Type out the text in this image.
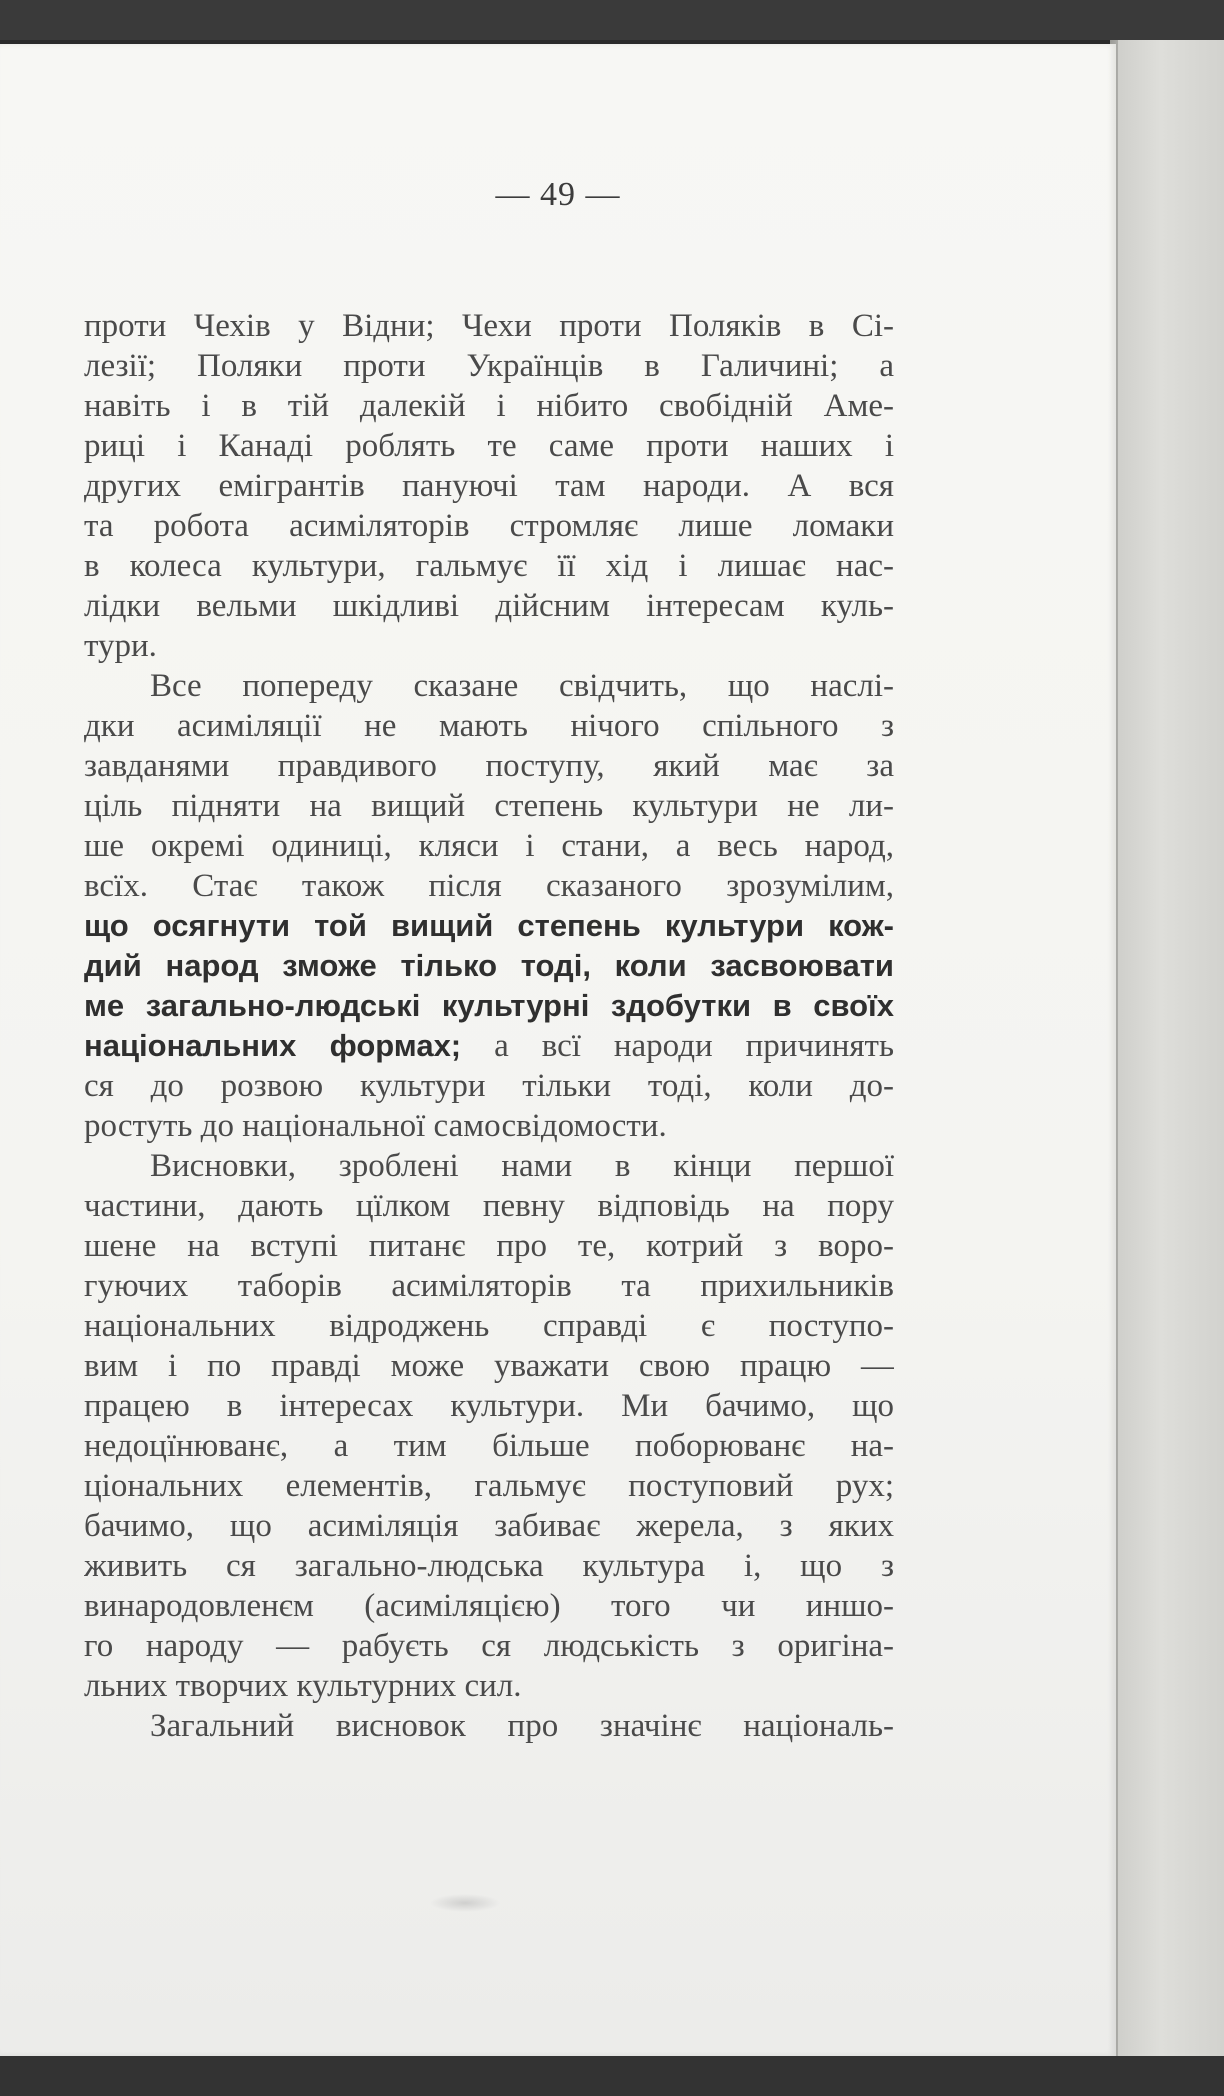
— 49 —
проти Чехів у Відни; Чехи проти Поляків в Сі-
лезії; Поляки проти Українців в Галичині; а
навіть і в тій далекій і нібито свобідній Аме-
риці і Канаді роблять те саме проти наших і
других емігрантів пануючі там народи. А вся
та робота асиміляторів стромляє лише ломаки
в колеса культури, гальмує її хід і лишає нас-
лідки вельми шкідливі дійсним інтересам куль-
тури.
Все попереду сказане свідчить, що наслі-
дки асиміляції не мають нічого спільного з
завданями правдивого поступу, який має за
ціль підняти на вищий степень культури не ли-
ше окремі одиниці, кляси і стани, а весь народ,
всїх. Стає також після сказаного зрозумілим,
що осягнути той вищий степень культури кож-
дий народ зможе тілько тоді, коли засвоювати
ме загально-людські культурні здобутки в своїх
національних формах; а всї народи причинять
ся до розвою культури тільки тоді, коли до-
ростуть до національної самосвідомости.
Висновки, зроблені нами в кінци першої
частини, дають цїлком певну відповідь на пору
шене на вступі питанє про те, котрий з воро-
гуючих таборів асиміляторів та прихильників
національних відроджень справді є поступо-
вим і по правді може уважати свою працю —
працею в інтересах культури. Ми бачимо, що
недоцїнюванє, а тим більше поборюванє на-
ціональних елементів, гальмує поступовий рух;
бачимо, що асиміляція забиває жерела, з яких
живить ся загально-людська культура і, що з
винародовленєм (асиміляцією) того чи иншо-
го народу — рабуєть ся людськість з оригіна-
льних творчих культурних сил.
Загальний висновок про значінє національ-
